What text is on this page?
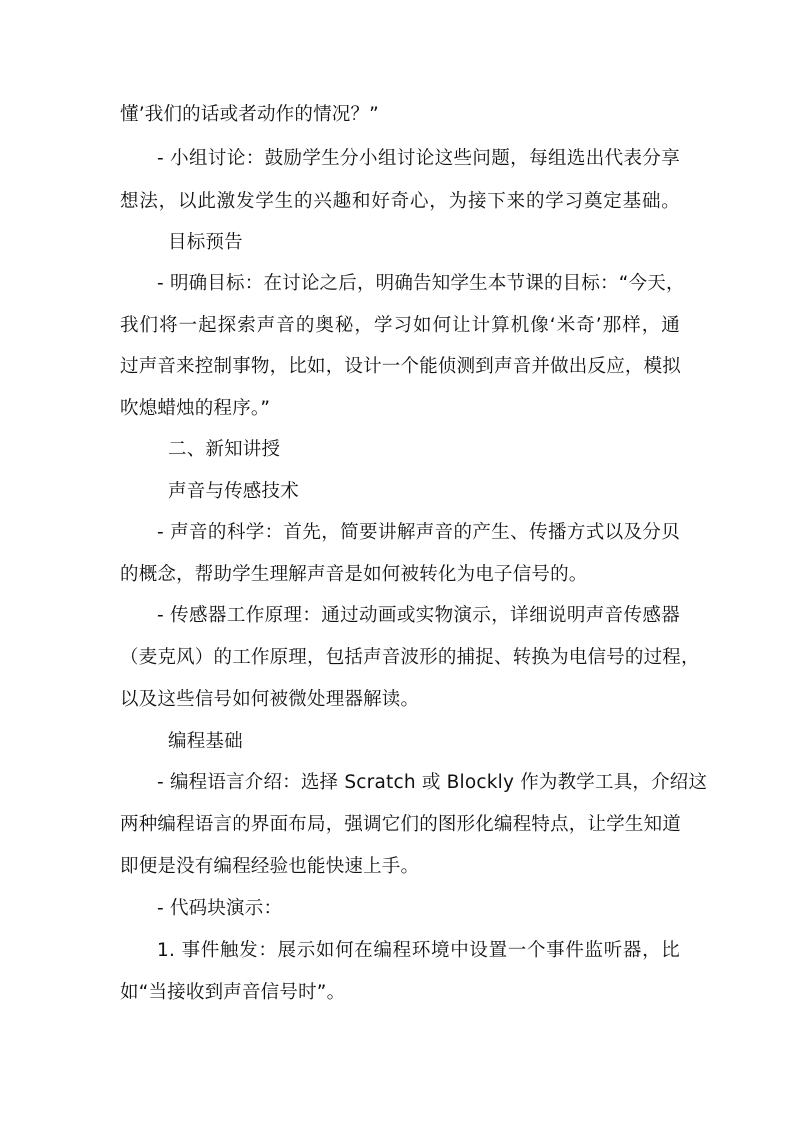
懂’我们的话或者动作的情况？”
- 小组讨论：鼓励学生分小组讨论这些问题，每组选出代表分享
想法，以此激发学生的兴趣和好奇心，为接下来的学习奠定基础。
目标预告
- 明确目标：在讨论之后，明确告知学生本节课的目标：“今天，
我们将一起探索声音的奥秘，学习如何让计算机像‘米奇’那样，通
过声音来控制事物，比如，设计一个能侦测到声音并做出反应，模拟
吹熄蜡烛的程序。”
二、新知讲授
声音与传感技术
- 声音的科学：首先，简要讲解声音的产生、传播方式以及分贝
的概念，帮助学生理解声音是如何被转化为电子信号的。
- 传感器工作原理：通过动画或实物演示，详细说明声音传感器
（麦克风）的工作原理，包括声音波形的捕捉、转换为电信号的过程，
以及这些信号如何被微处理器解读。
编程基础
- 编程语言介绍：选择 Scratch 或 Blockly 作为教学工具，介绍这
两种编程语言的界面布局，强调它们的图形化编程特点，让学生知道
即便是没有编程经验也能快速上手。
- 代码块演示：
1. 事件触发：展示如何在编程环境中设置一个事件监听器，比
如“当接收到声音信号时”。
